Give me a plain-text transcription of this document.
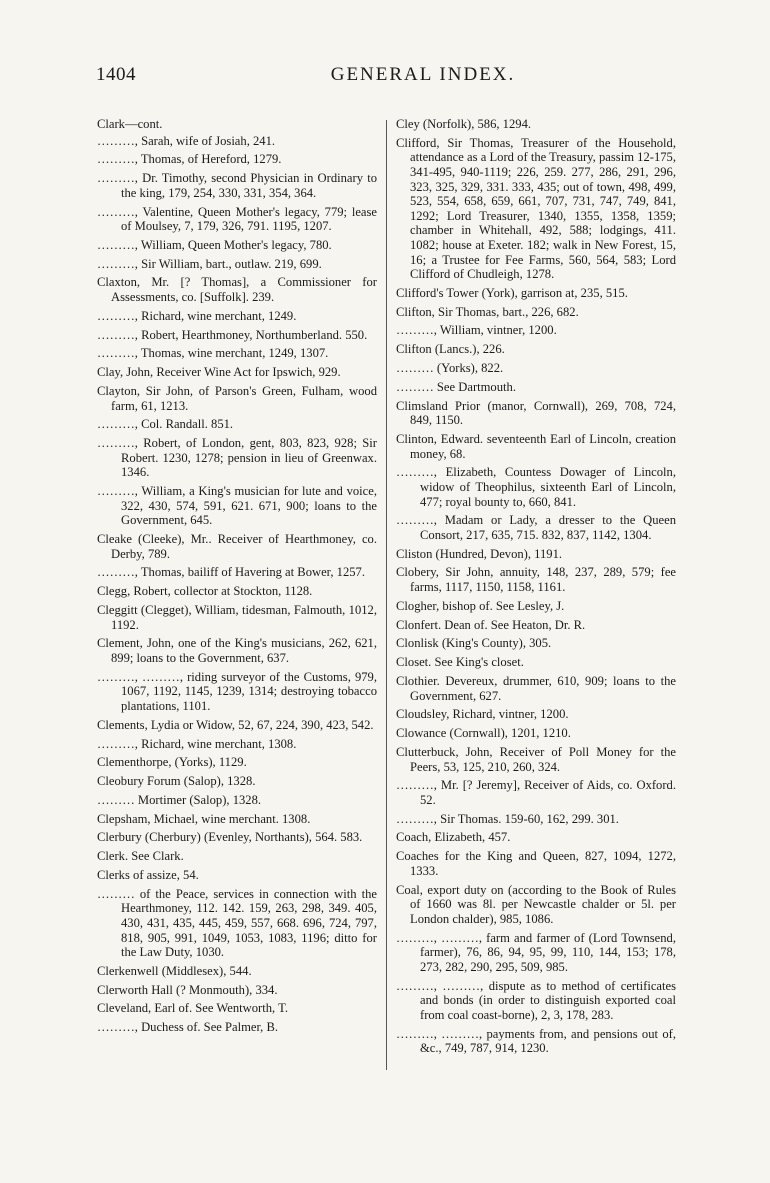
1404	GENERAL INDEX.
Clark—cont.
………, Sarah, wife of Josiah, 241.
………, Thomas, of Hereford, 1279.
………, Dr. Timothy, second Physician in Ordinary to the king, 179, 254, 330, 331, 354, 364.
………, Valentine, Queen Mother's legacy, 779; lease of Moulsey, 7, 179, 326, 791. 1195, 1207.
………, William, Queen Mother's legacy, 780.
………, Sir William, bart., outlaw. 219, 699.
Claxton, Mr. [? Thomas], a Commissioner for Assessments, co. [Suffolk]. 239.
………, Richard, wine merchant, 1249.
………, Robert, Hearthmoney, Northumberland. 550.
………, Thomas, wine merchant, 1249, 1307.
Clay, John, Receiver Wine Act for Ipswich, 929.
Clayton, Sir John, of Parson's Green, Fulham, wood farm, 61, 1213.
………, Col. Randall. 851.
………, Robert, of London, gent, 803, 823, 928; Sir Robert. 1230, 1278; pension in lieu of Greenwax. 1346.
………, William, a King's musician for lute and voice, 322, 430, 574, 591, 621. 671, 900; loans to the Government, 645.
Cleake (Cleeke), Mr.. Receiver of Hearthmoney, co. Derby, 789.
………, Thomas, bailiff of Havering at Bower, 1257.
Clegg, Robert, collector at Stockton, 1128.
Cleggitt (Clegget), William, tidesman, Falmouth, 1012, 1192.
Clement, John, one of the King's musicians, 262, 621, 899; loans to the Government, 637.
………, ………, riding surveyor of the Customs, 979, 1067, 1192, 1145, 1239, 1314; destroying tobacco plantations, 1101.
Clements, Lydia or Widow, 52, 67, 224, 390, 423, 542.
………, Richard, wine merchant, 1308.
Clementhorpe, (Yorks), 1129.
Cleobury Forum (Salop), 1328.
……… Mortimer (Salop), 1328.
Clepsham, Michael, wine merchant. 1308.
Clerbury (Cherbury) (Evenley, Northants), 564. 583.
Clerk. See Clark.
Clerks of assize, 54.
……… of the Peace, services in connection with the Hearthmoney, 112. 142. 159, 263, 298, 349. 405, 430, 431, 435, 445, 459, 557, 668. 696, 724, 797, 818, 905, 991, 1049, 1053, 1083, 1196; ditto for the Law Duty, 1030.
Clerkenwell (Middlesex), 544.
Clerworth Hall (? Monmouth), 334.
Cleveland, Earl of. See Wentworth, T.
………, Duchess of. See Palmer, B.
Cley (Norfolk), 586, 1294.
Clifford, Sir Thomas, Treasurer of the Household, attendance as a Lord of the Treasury, passim 12-175, 341-495, 940-1119; 226, 259. 277, 286, 291, 296, 323, 325, 329, 331. 333, 435; out of town, 498, 499, 523, 554, 658, 659, 661, 707, 731, 747, 749, 841, 1292; Lord Treasurer, 1340, 1355, 1358, 1359; chamber in Whitehall, 492, 588; lodgings, 411. 1082; house at Exeter. 182; walk in New Forest, 15, 16; a Trustee for Fee Farms, 560, 564, 583; Lord Clifford of Chudleigh, 1278.
Clifford's Tower (York), garrison at, 235, 515.
Clifton, Sir Thomas, bart., 226, 682.
………, William, vintner, 1200.
Clifton (Lancs.), 226.
……… (Yorks), 822.
……… See Dartmouth.
Climsland Prior (manor, Cornwall), 269, 708, 724, 849, 1150.
Clinton, Edward. seventeenth Earl of Lincoln, creation money, 68.
………, Elizabeth, Countess Dowager of Lincoln, widow of Theophilus, sixteenth Earl of Lincoln, 477; royal bounty to, 660, 841.
………, Madam or Lady, a dresser to the Queen Consort, 217, 635, 715. 832, 837, 1142, 1304.
Cliston (Hundred, Devon), 1191.
Clobery, Sir John, annuity, 148, 237, 289, 579; fee farms, 1117, 1150, 1158, 1161.
Clogher, bishop of. See Lesley, J.
Clonfert. Dean of. See Heaton, Dr. R.
Clonlisk (King's County), 305.
Closet. See King's closet.
Clothier. Devereux, drummer, 610, 909; loans to the Government, 627.
Cloudsley, Richard, vintner, 1200.
Clowance (Cornwall), 1201, 1210.
Clutterbuck, John, Receiver of Poll Money for the Peers, 53, 125, 210, 260, 324.
………, Mr. [? Jeremy], Receiver of Aids, co. Oxford. 52.
………, Sir Thomas. 159-60, 162, 299. 301.
Coach, Elizabeth, 457.
Coaches for the King and Queen, 827, 1094, 1272, 1333.
Coal, export duty on (according to the Book of Rules of 1660 was 8l. per Newcastle chalder or 5l. per London chalder), 985, 1086.
………, ………, farm and farmer of (Lord Townsend, farmer), 76, 86, 94, 95, 99, 110, 144, 153; 178, 273, 282, 290, 295, 509, 985.
………, ………, dispute as to method of certificates and bonds (in order to distinguish exported coal from coal coast-borne), 2, 3, 178, 283.
………, ………, payments from, and pensions out of, &c., 749, 787, 914, 1230.
